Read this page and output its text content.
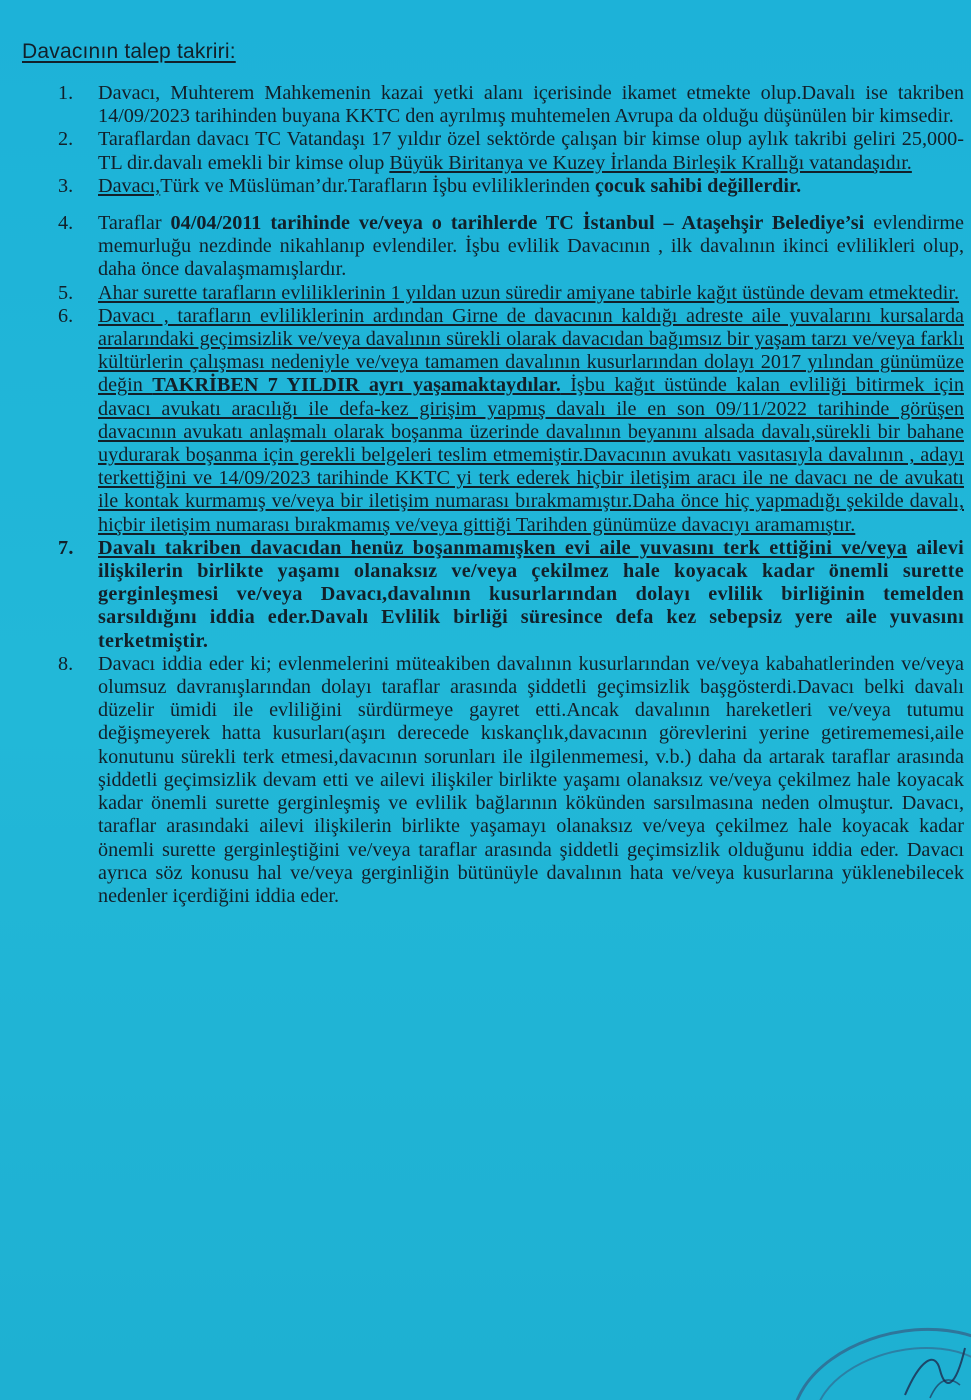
Davacının talep takriri:
1. Davacı, Muhterem Mahkemenin kazai yetki alanı içerisinde ikamet etmekte olup.Davalı ise takriben 14/09/2023 tarihinden buyana KKTC den ayrılmış muhtemelen Avrupa da olduğu düşünülen bir kimsedir.
2. Taraflardan davacı TC Vatandaşı 17 yıldır özel sektörde çalışan bir kimse olup aylık takribi geliri 25,000-TL dir.davalı emekli bir kimse olup Büyük Biritanya ve Kuzey İrlanda Birleşik Krallığı vatandaşıdır.
3. Davacı,Türk ve Müslüman’dır.Tarafların İşbu evliliklerinden çocuk sahibi değillerdir.
4. Taraflar 04/04/2011 tarihinde ve/veya o tarihlerde TC İstanbul – Ataşehşir Belediye’si evlendirme memurluğu nezdinde nikahlanıp evlendiler. İşbu evlilik Davacının , ilk davalının ikinci evlilikleri olup, daha önce davalaşmamışlardır.
5. Ahar surette tarafların evliliklerinin 1 yıldan uzun süredir amiyane tabirle kağıt üstünde devam etmektedir.
6. Davacı , tarafların evliliklerinin ardından Girne de davacının kaldığı adreste aile yuvalarını kursalarda aralarındaki geçimsizlik ve/veya davalının sürekli olarak davacıdan bağımsız bir yaşam tarzı ve/veya farklı kültürlerin çalışması nedeniyle ve/veya tamamen davalının kusurlarından dolayı 2017 yılından günümüze değin TAKRİBEN 7 YILDIR ayrı yaşamaktaydılar. İşbu kağıt üstünde kalan evliliği bitirmek için davacı avukatı aracılığı ile defa-kez girişim yapmış davalı ile en son 09/11/2022 tarihinde görüşen davacının avukatı anlaşmalı olarak boşanma üzerinde davalının beyanını alsada davalı,sürekli bir bahane uydurarak boşanma için gerekli belgeleri teslim etmemiştir.Davacının avukatı vasıtasıyla davalının , adayı terkettiğini ve 14/09/2023 tarihinde KKTC yi terk ederek hiçbir iletişim aracı ile ne davacı ne de avukatı ile kontak kurmamış ve/veya bir iletişim numarası bırakmamıştır.Daha önce hiç yapmadığı şekilde davalı, hiçbir iletişim numarası bırakmamış ve/veya gittiği Tarihden günümüze davacıyı aramamıştır.
7. Davalı takriben davacıdan henüz boşanmamışken evi aile yuvasını terk ettiğini ve/veya ailevi ilişkilerin birlikte yaşamı olanaksız ve/veya çekilmez hale koyacak kadar önemli surette gerginleşmesi ve/veya Davacı,davalının kusurlarından dolayı evlilik birliğinin temelden sarsıldığını iddia eder.Davalı Evlilik birliği süresince defa kez sebepsiz yere aile yuvasını terketmiştir.
8. Davacı iddia eder ki; evlenmelerini müteakiben davalının kusurlarından ve/veya kabahatlerinden ve/veya olumsuz davranışlarından dolayı taraflar arasında şiddetli geçimsizlik başgösterdi.Davacı belki davalı düzelir ümidi ile evliliğini sürdürmeye gayret etti.Ancak davalının hareketleri ve/veya tutumu değişmeyerek hatta kusurları(aşırı derecede kıskançlık,davacının görevlerini yerine getirememesi,aile konutunu sürekli terk etmesi,davacının sorunları ile ilgilenmemesi, v.b.) daha da artarak taraflar arasında şiddetli geçimsizlik devam etti ve ailevi ilişkiler birlikte yaşamı olanaksız ve/veya çekilmez hale koyacak kadar önemli surette gerginleşmiş ve evlilik bağlarının kökünden sarsılmasına neden olmuştur. Davacı, taraflar arasındaki ailevi ilişkilerin birlikte yaşamayı olanaksız ve/veya çekilmez hale koyacak kadar önemli surette gerginleştiğini ve/veya taraflar arasında şiddetli geçimsizlik olduğunu iddia eder. Davacı ayrıca söz konusu hal ve/veya gerginliğin bütünüyle davalının hata ve/veya kusurlarına yüklenebilecek nedenler içerdiğini iddia eder.
